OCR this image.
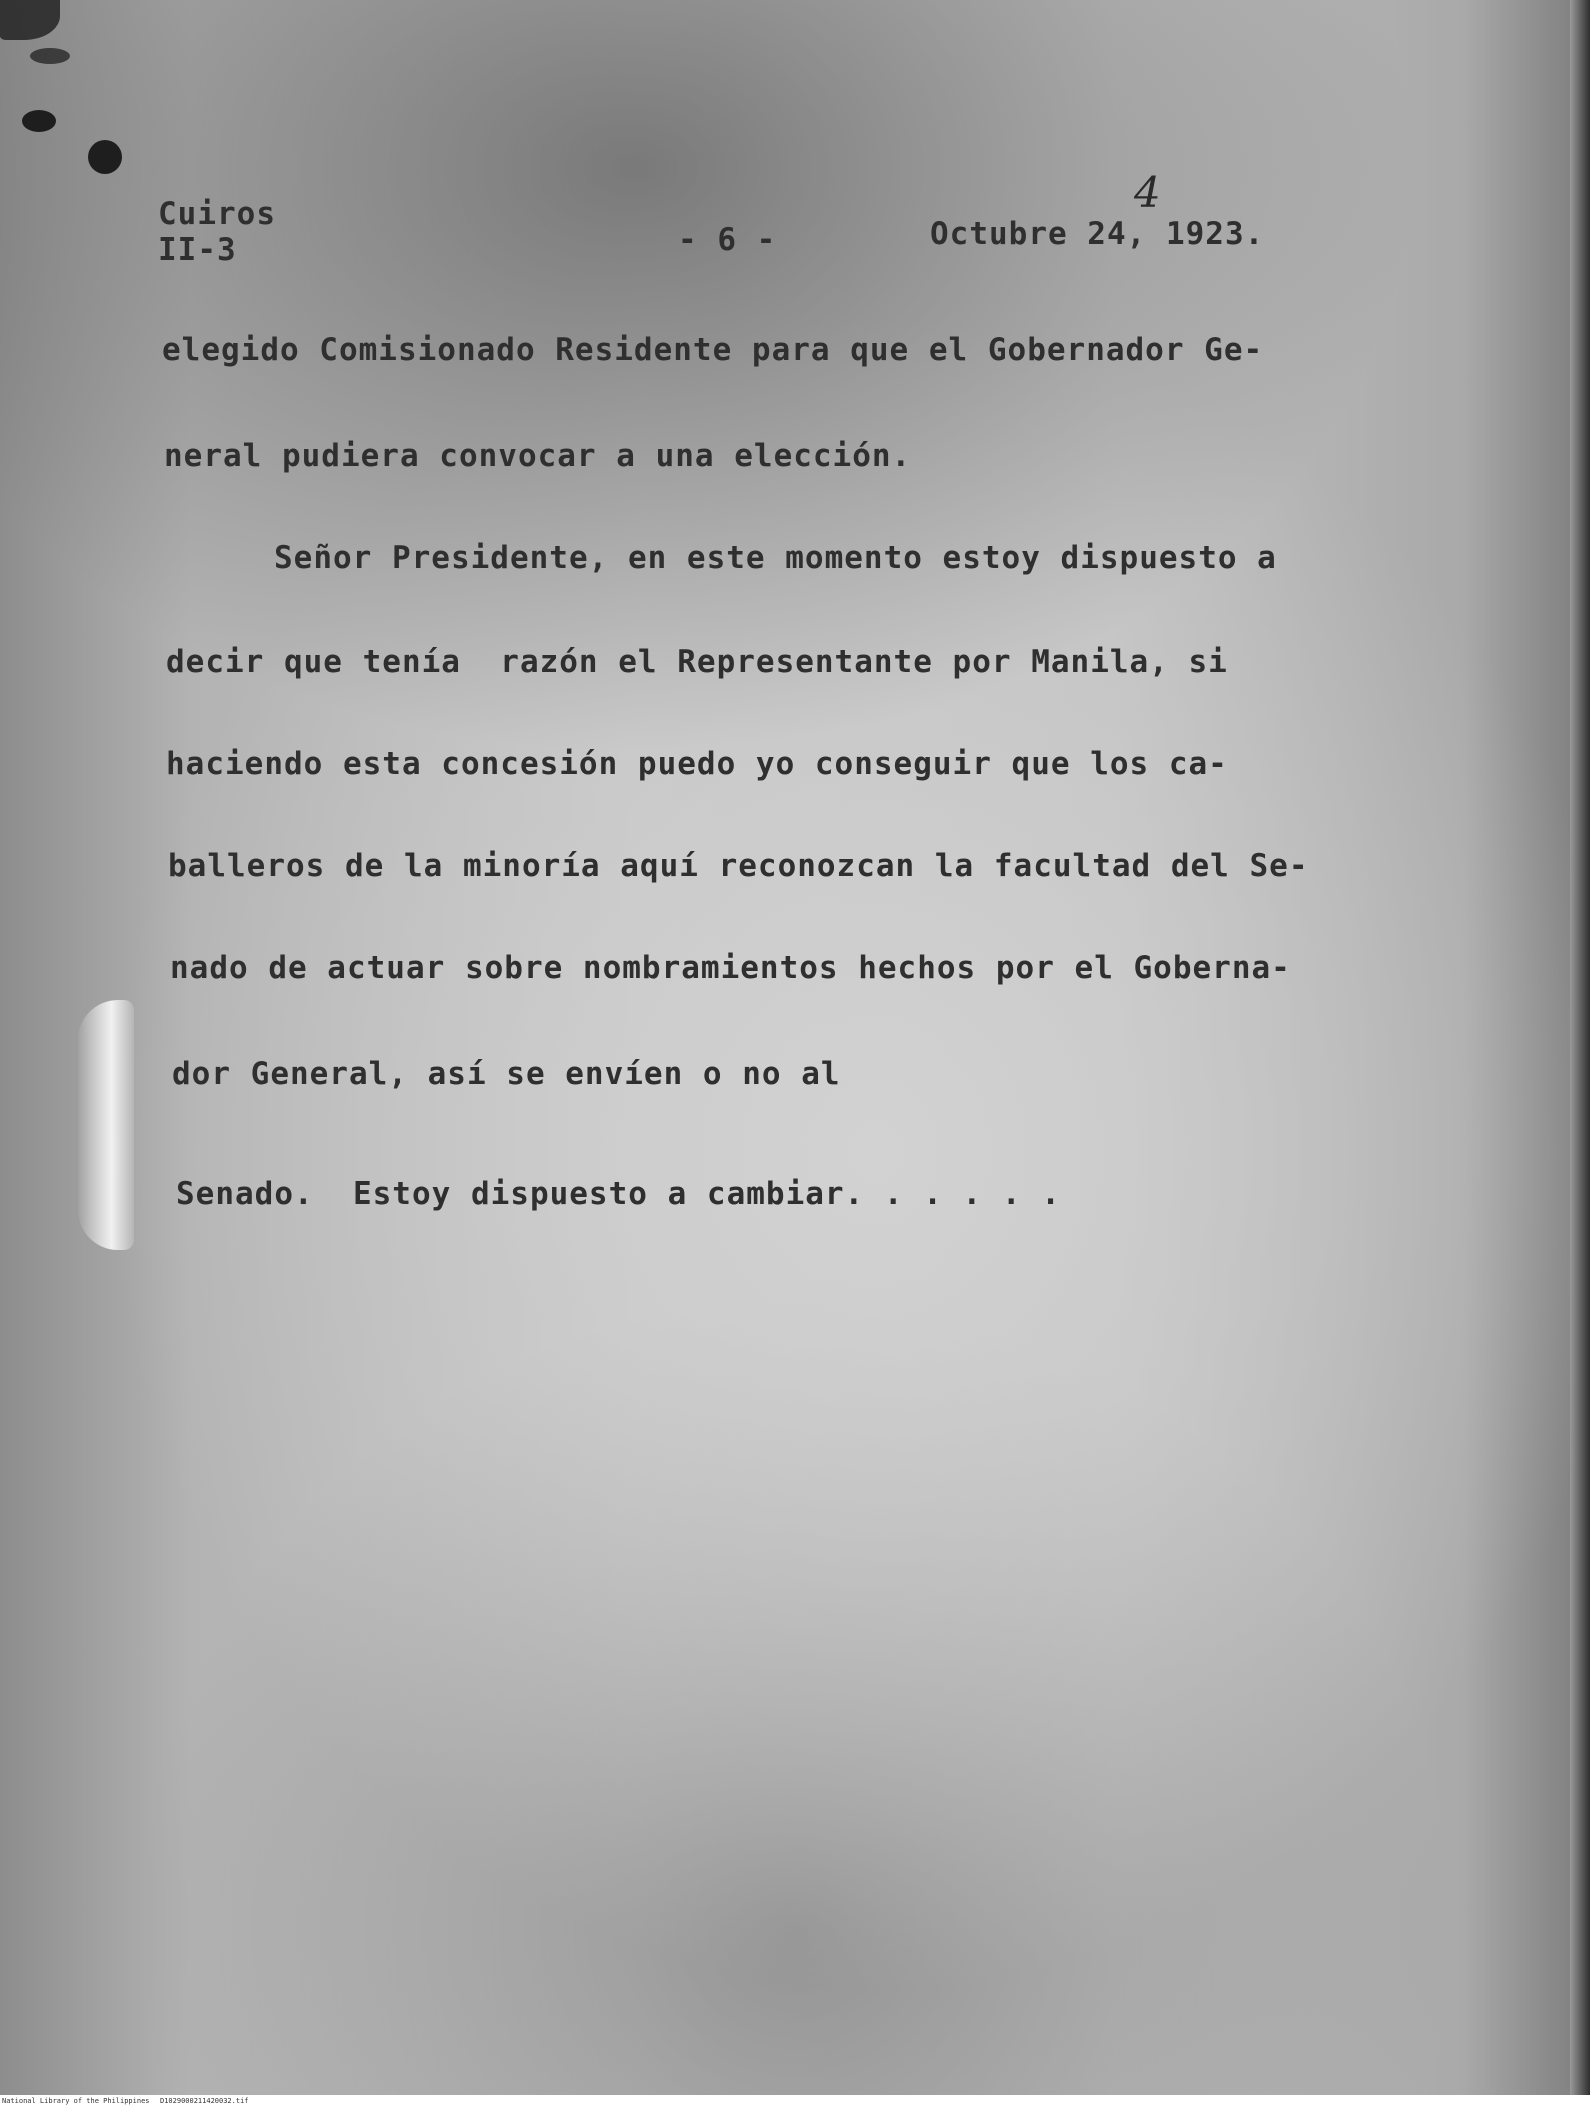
Cuiros

II-3	- 6 -	Octubre 24, 1923.

4

elegido Comisionado Residente para que el Gobernador Ge-

neral pudiera convocar a una elección.

Señor Presidente, en este momento estoy dispuesto a

decir que tenía  razón el Representante por Manila, si

haciendo esta concesión puedo yo conseguir que los ca-

balleros de la minoría aquí reconozcan la facultad del Se-

nado de actuar sobre nombramientos hechos por el Goberna-

dor General, así se envíen o no al

Senado.  Estoy dispuesto a cambiar. . . . . .

National Library of the Philippines D1029000211420032.tif
